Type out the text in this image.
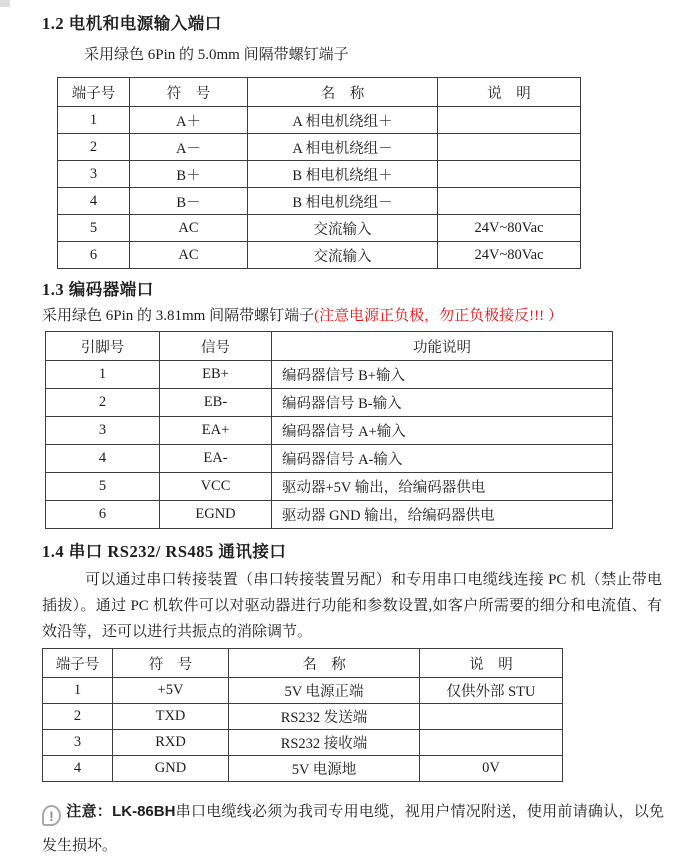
1.2 电机和电源输入端口
采用绿色 6Pin 的 5.0mm 间隔带螺钉端子
端子号	符　号	名　称	说　明
1	A＋	A 相电机绕组＋	
2	A－	A 相电机绕组－	
3	B＋	B 相电机绕组＋	
4	B－	B 相电机绕组－	
5	AC	交流输入	24V~80Vac
6	AC	交流输入	24V~80Vac
1.3 编码器端口
采用绿色 6Pin 的 3.81mm 间隔带螺钉端子(注意电源正负极，勿正负极接反!!! ）
引脚号	信号	功能说明
1	EB+	编码器信号 B+输入
2	EB-	编码器信号 B-输入
3	EA+	编码器信号 A+输入
4	EA-	编码器信号 A-输入
5	VCC	驱动器+5V 输出，给编码器供电
6	EGND	驱动器 GND 输出，给编码器供电
1.4 串口 RS232/ RS485 通讯接口
可以通过串口转接装置（串口转接装置另配）和专用串口电缆线连接 PC 机（禁止带电插拔）。通过 PC 机软件可以对驱动器进行功能和参数设置,如客户所需要的细分和电流值、有效沿等，还可以进行共振点的消除调节。
端子号	符　号	名　称	说　明
1	+5V	5V 电源正端	仅供外部 STU
2	TXD	RS232 发送端	
3	RXD	RS232 接收端	
4	GND	5V 电源地	0V
! 注意：LK-86BH串口电缆线必须为我司专用电缆，视用户情况附送，使用前请确认，以免发生损坏。
